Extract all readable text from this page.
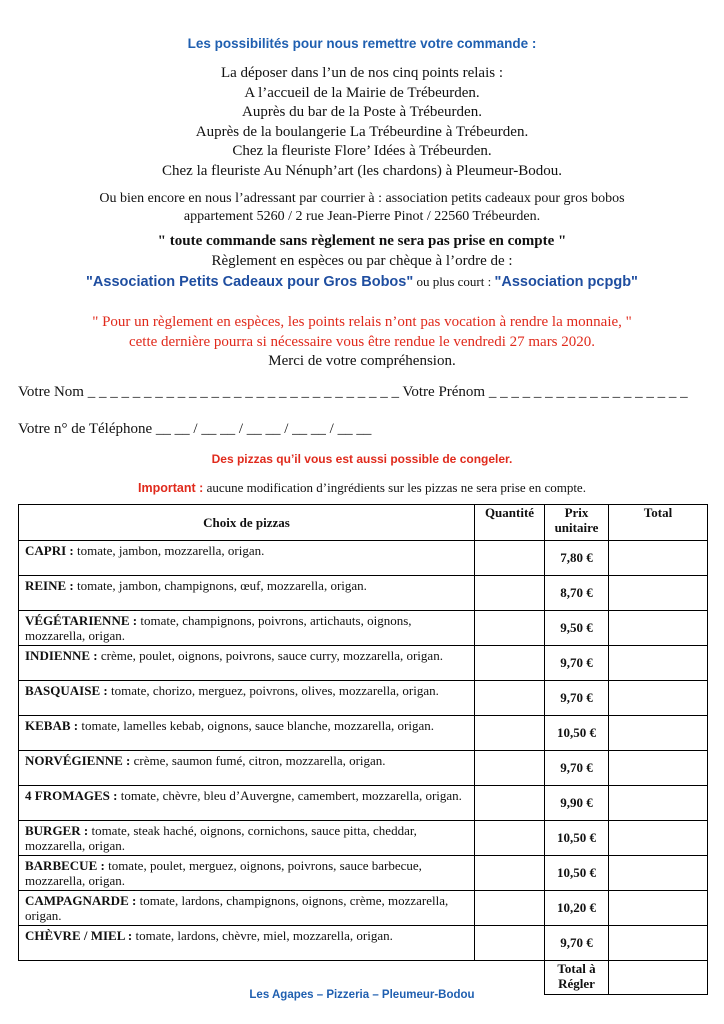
Les possibilités pour nous remettre votre commande :
La déposer dans l’un de nos cinq points relais :
A l’accueil de la Mairie de Trébeurden.
Auprès du bar de la Poste à Trébeurden.
Auprès de la boulangerie La Trébeurdine à Trébeurden.
Chez la fleuriste Flore’ Idées à Trébeurden.
Chez la fleuriste Au Nénuph’art (les chardons) à Pleumeur-Bodou.
Ou bien encore en nous l’adressant par courrier à : association petits cadeaux pour gros bobos
appartement 5260 / 2 rue Jean-Pierre Pinot / 22560 Trébeurden.
" toute commande sans règlement ne sera pas prise en compte "
Règlement en espèces ou par chèque à l’ordre de :
"Association Petits Cadeaux pour Gros Bobos" ou plus court : "Association pcpgb"
" Pour un règlement en espèces, les points relais n’ont pas vocation à rendre la monnaie, "
cette dernière pourra si nécessaire vous être rendue le vendredi 27 mars 2020.
Merci de votre compréhension.
Votre Nom _ _ _ _ _ _ _ _ _ _ _ _ _ _ _ _ _ _ _ _ _ _ _ _ _ _ _ _ Votre Prénom _ _ _ _ _ _ _ _ _ _ _ _ _ _ _ _ _ _
Votre n° de Téléphone __ __ / __ __ / __ __ / __ __ / __ __
Des pizzas qu’il vous est aussi possible de congeler.
Important : aucune modification d’ingrédients sur les pizzas ne sera prise en compte.
Choix de pizzas	Quantité	Prix unitaire	Total
CAPRI : tomate, jambon, mozzarella, origan.		7,80 €	
REINE : tomate, jambon, champignons, œuf, mozzarella, origan.		8,70 €	
VÉGÉTARIENNE : tomate, champignons, poivrons, artichauts, oignons, mozzarella, origan.		9,50 €	
INDIENNE : crème, poulet, oignons, poivrons, sauce curry, mozzarella, origan.		9,70 €	
BASQUAISE : tomate, chorizo, merguez, poivrons, olives, mozzarella, origan.		9,70 €	
KEBAB : tomate, lamelles kebab, oignons, sauce blanche, mozzarella, origan.		10,50 €	
NORVÉGIENNE : crème, saumon fumé, citron, mozzarella, origan.		9,70 €	
4 FROMAGES : tomate, chèvre, bleu d’Auvergne, camembert, mozzarella, origan.		9,90 €	
BURGER : tomate, steak haché, oignons, cornichons, sauce pitta, cheddar, mozzarella, origan.		10,50 €	
BARBECUE : tomate, poulet, merguez, oignons, poivrons, sauce barbecue, mozzarella, origan.		10,50 €	
CAMPAGNARDE : tomate, lardons, champignons, oignons, crème, mozzarella, origan.		10,20 €	
CHÈVRE / MIEL : tomate, lardons, chèvre, miel, mozzarella, origan.		9,70 €	
		Total à Régler	
Les Agapes – Pizzeria – Pleumeur-Bodou
